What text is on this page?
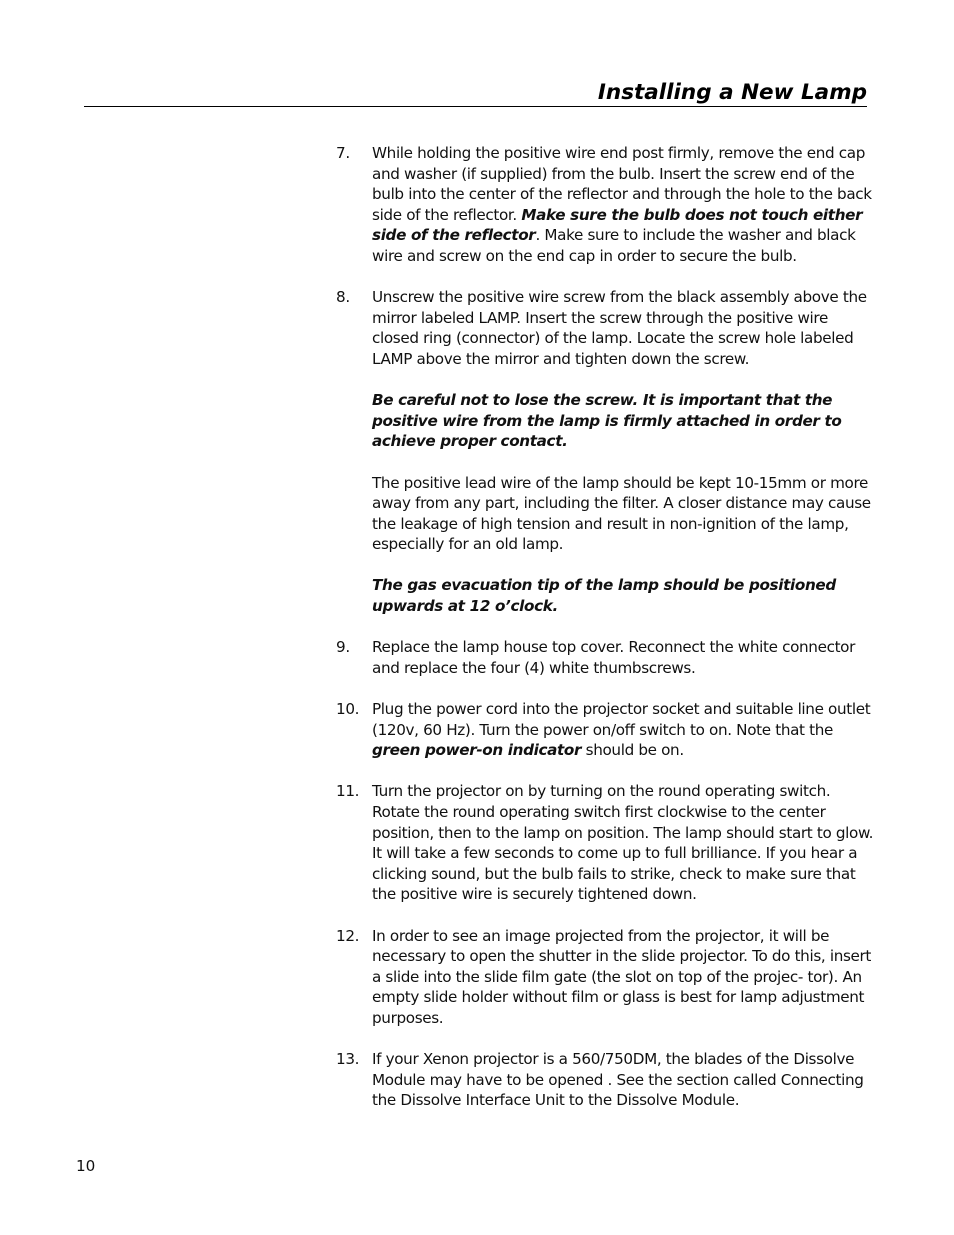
Installing a New Lamp
7. While holding the positive wire end post firmly, remove the end cap and washer (if supplied) from the bulb. Insert the screw end of the bulb into the center of the reflector and through the hole to the back side of the reflector. Make sure the bulb does not touch either side of the reflector. Make sure to include the washer and black wire and screw on the end cap in order to secure the bulb.

8. Unscrew the positive wire screw from the black assembly above the mirror labeled LAMP. Insert the screw through the positive wire closed ring (connector) of the lamp. Locate the screw hole labeled LAMP above the mirror and tighten down the screw.

Be careful not to lose the screw. It is important that the positive wire from the lamp is firmly attached in order to achieve proper contact.

The positive lead wire of the lamp should be kept 10-15mm or more away from any part, including the filter. A closer distance may cause the leakage of high tension and result in non-ignition of the lamp, especially for an old lamp.

The gas evacuation tip of the lamp should be positioned upwards at 12 o’clock.

9. Replace the lamp house top cover. Reconnect the white connector and replace the four (4) white thumbscrews.

10. Plug the power cord into the projector socket and suitable line outlet (120v, 60 Hz). Turn the power on/off switch to on. Note that the green power-on indicator should be on.

11. Turn the projector on by turning on the round operating switch. Rotate the round operating switch first clockwise to the center position, then to the lamp on position. The lamp should start to glow. It will take a few seconds to come up to full brilliance. If you hear a clicking sound, but the bulb fails to strike, check to make sure that the positive wire is securely tightened down.

12. In order to see an image projected from the projector, it will be necessary to open the shutter in the slide projector. To do this, insert a slide into the slide film gate (the slot on top of the projec- tor). An empty slide holder without film or glass is best for lamp adjustment purposes.

13. If your Xenon projector is a 560/750DM, the blades of the Dissolve Module may have to be opened . See the section called Connecting the Dissolve Interface Unit to the Dissolve Module.

10
